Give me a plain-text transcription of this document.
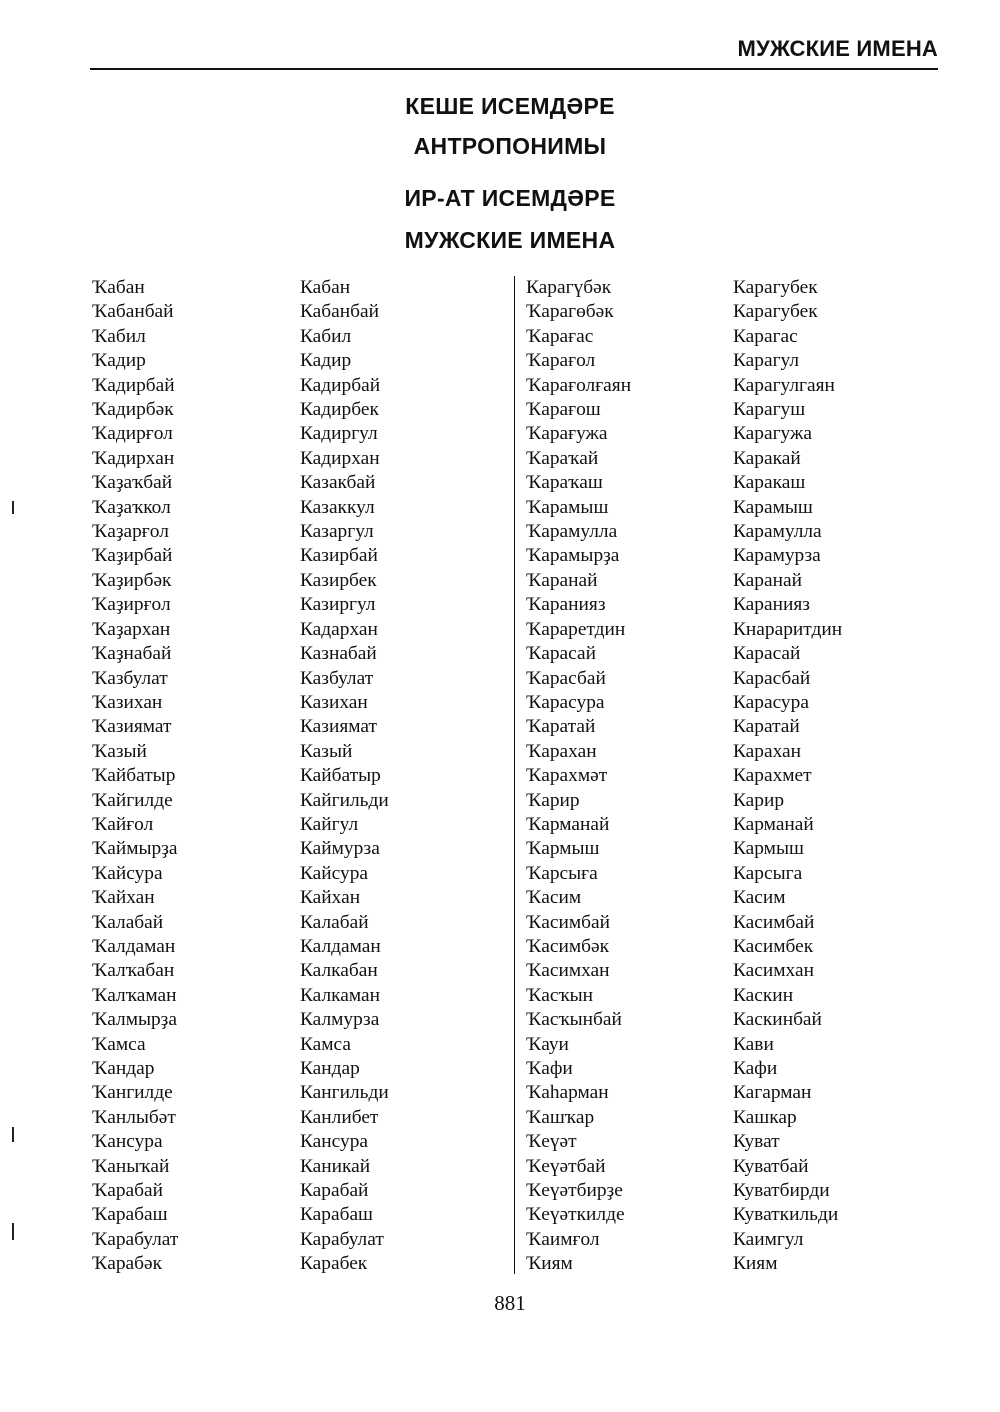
МУЖСКИЕ ИМЕНА
КЕШЕ ИСЕМДӘРЕ
АНТРОПОНИМЫ
ИР-АТ ИСЕМДӘРЕ
МУЖСКИЕ ИМЕНА
Ҡабан
Ҡабанбай
Ҡабил
Ҡадир
Ҡадирбай
Ҡадирбәк
Ҡадирғол
Ҡадирхан
Ҡаҙаҡбай
Ҡаҙаҡкол
Ҡаҙарғол
Ҡаҙирбай
Ҡаҙирбәк
Ҡаҙирғол
Ҡаҙархан
Ҡаҙнабай
Ҡазбулат
Ҡазихан
Ҡазиямат
Ҡазый
Ҡайбатыр
Ҡайгилде
Ҡайғол
Ҡаймырҙа
Ҡайсура
Ҡайхан
Ҡалабай
Ҡалдаман
Ҡалҡабан
Ҡалҡаман
Ҡалмырҙа
Ҡамса
Ҡандар
Ҡангилде
Ҡанлыбәт
Ҡансура
Ҡаныҡай
Ҡарабай
Ҡарабаш
Ҡарабулат
Ҡарабәк
Кабан
Кабанбай
Кабил
Кадир
Кадирбай
Кадирбек
Кадиргул
Кадирхан
Казакбай
Казаккул
Казаргул
Казирбай
Казирбек
Казиргул
Кадархан
Казнабай
Казбулат
Казихан
Казиямат
Казый
Кайбатыр
Кайгильди
Кайгул
Каймурза
Кайсура
Кайхан
Калабай
Калдаман
Калкабан
Калкаман
Калмурза
Камса
Кандар
Кангильди
Канлибет
Кансура
Каникай
Карабай
Карабаш
Карабулат
Карабек
Карагүбәк
Ҡарагөбәк
Ҡарағас
Ҡарағол
Ҡарағолғаян
Ҡарағош
Ҡарағужа
Ҡараҡай
Ҡараҡаш
Ҡарамыш
Ҡарамулла
Ҡарамырҙа
Ҡаранай
Ҡарания​з
Ҡараретдин
Ҡарасай
Ҡарасбай
Ҡарасура
Ҡаратай
Ҡарахан
Ҡарахмәт
Ҡарир
Ҡарманай
Ҡармыш
Ҡарсыға
Ҡасим
Ҡасимбай
Ҡасимбәк
Ҡасимхан
Ҡасҡын
Ҡасҡынбай
Ҡауи
Ҡафи
Ҡаһарман
Ҡашҡар
Ҡеүәт
Ҡеүәтбай
Ҡеүәтбирҙе
Ҡеүәткилде
Ҡаимғол
Ҡиям
Карагубек
Карагубек
Карагас
Карагул
Карагулгаян
Карагуш
Карагужа
Каракай
Каракаш
Карамыш
Карамулла
Карамурза
Каранай
Каранияз
Кнараритдин
Карасай
Карасбай
Карасура
Каратай
Карахан
Карахмет
Карир
Карманай
Кармыш
Карсыга
Касим
Касимбай
Касимбек
Касимхан
Каскин
Каскинбай
Кави
Кафи
Кагарман
Кашкар
Куват
Куватбай
Куватбирди
Куваткильди
Каимгул
Киям
881
